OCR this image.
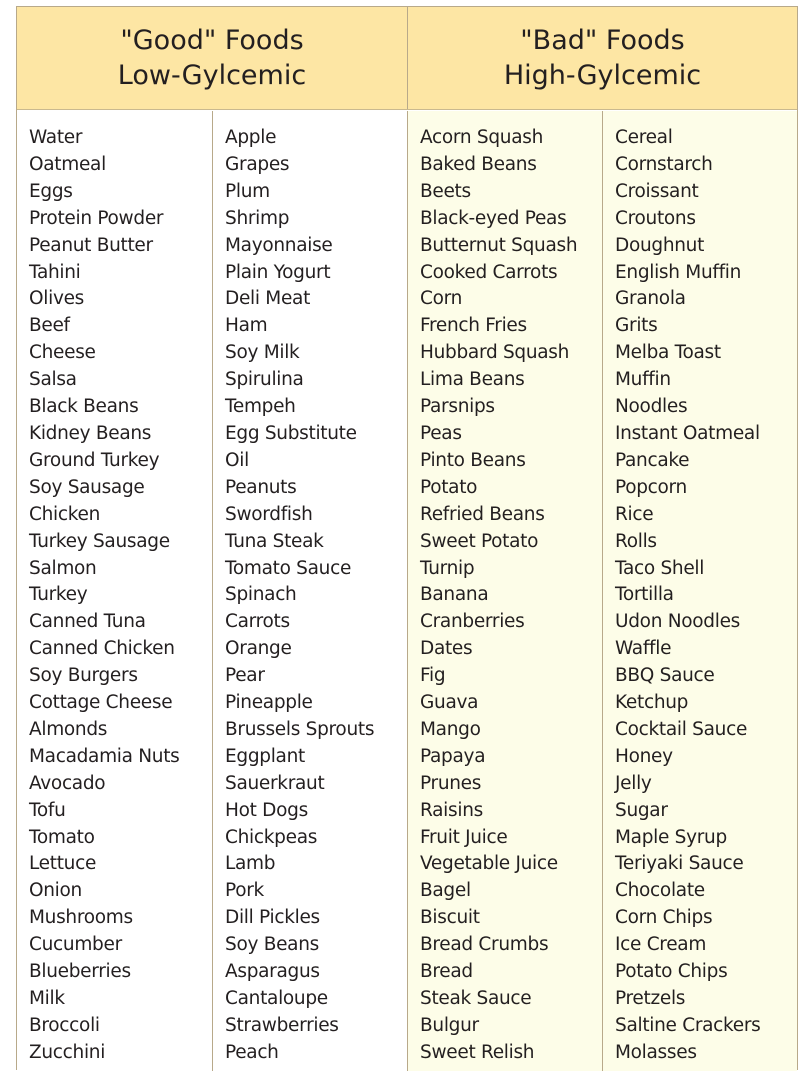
"Good" Foods
Low-Gylcemic
"Bad" Foods
High-Gylcemic
Water
Oatmeal
Eggs
Protein Powder
Peanut Butter
Tahini
Olives
Beef
Cheese
Salsa
Black Beans
Kidney Beans
Ground Turkey
Soy Sausage
Chicken
Turkey Sausage
Salmon
Turkey
Canned Tuna
Canned Chicken
Soy Burgers
Cottage Cheese
Almonds
Macadamia Nuts
Avocado
Tofu
Tomato
Lettuce
Onion
Mushrooms
Cucumber
Blueberries
Milk
Broccoli
Zucchini
Apple
Grapes
Plum
Shrimp
Mayonnaise
Plain Yogurt
Deli Meat
Ham
Soy Milk
Spirulina
Tempeh
Egg Substitute
Oil
Peanuts
Swordfish
Tuna Steak
Tomato Sauce
Spinach
Carrots
Orange
Pear
Pineapple
Brussels Sprouts
Eggplant
Sauerkraut
Hot Dogs
Chickpeas
Lamb
Pork
Dill Pickles
Soy Beans
Asparagus
Cantaloupe
Strawberries
Peach
Acorn Squash
Baked Beans
Beets
Black-eyed Peas
Butternut Squash
Cooked Carrots
Corn
French Fries
Hubbard Squash
Lima Beans
Parsnips
Peas
Pinto Beans
Potato
Refried Beans
Sweet Potato
Turnip
Banana
Cranberries
Dates
Fig
Guava
Mango
Papaya
Prunes
Raisins
Fruit Juice
Vegetable Juice
Bagel
Biscuit
Bread Crumbs
Bread
Steak Sauce
Bulgur
Sweet Relish
Cereal
Cornstarch
Croissant
Croutons
Doughnut
English Muffin
Granola
Grits
Melba Toast
Muffin
Noodles
Instant Oatmeal
Pancake
Popcorn
Rice
Rolls
Taco Shell
Tortilla
Udon Noodles
Waffle
BBQ Sauce
Ketchup
Cocktail Sauce
Honey
Jelly
Sugar
Maple Syrup
Teriyaki Sauce
Chocolate
Corn Chips
Ice Cream
Potato Chips
Pretzels
Saltine Crackers
Molasses
